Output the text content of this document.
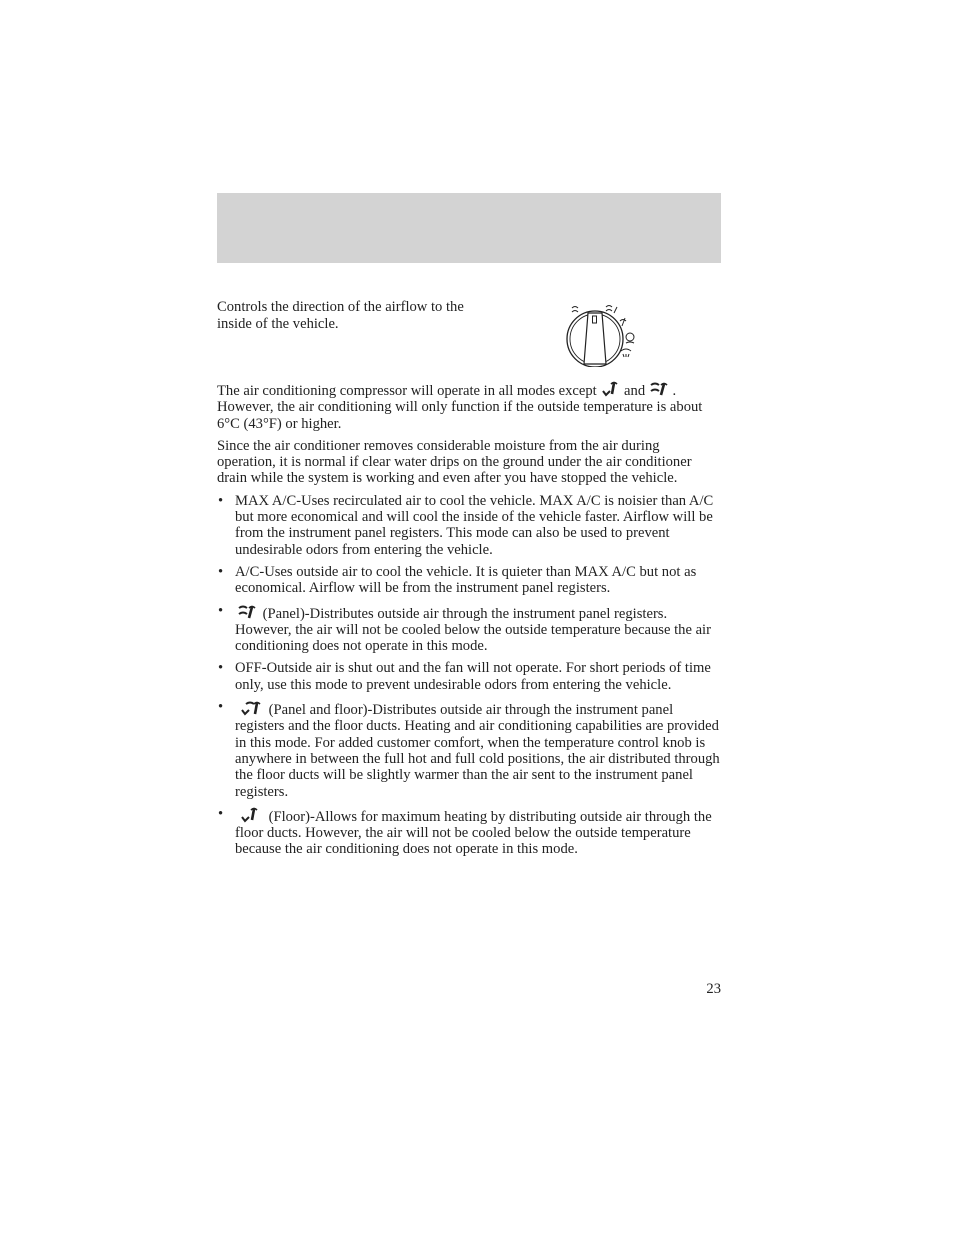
Controls the direction of the airflow to the inside of the vehicle.

The air conditioning compressor will operate in all modes except and . However, the air conditioning will only function if the outside temperature is about 6°C (43°F) or higher.

Since the air conditioner removes considerable moisture from the air during operation, it is normal if clear water drips on the ground under the air conditioner drain while the system is working and even after you have stopped the vehicle.

• MAX A/C-Uses recirculated air to cool the vehicle. MAX A/C is noisier than A/C but more economical and will cool the inside of the vehicle faster. Airflow will be from the instrument panel registers. This mode can also be used to prevent undesirable odors from entering the vehicle.
• A/C-Uses outside air to cool the vehicle. It is quieter than MAX A/C but not as economical. Airflow will be from the instrument panel registers.
•	(Panel)-Distributes outside air through the instrument panel registers. However, the air will not be cooled below the outside temperature because the air conditioning does not operate in this mode.
• OFF-Outside air is shut out and the fan will not operate. For short periods of time only, use this mode to prevent undesirable odors from entering the vehicle.
•	(Panel and floor)-Distributes outside air through the instrument panel registers and the floor ducts. Heating and air conditioning capabilities are provided in this mode. For added customer comfort, when the temperature control knob is anywhere in between the full hot and full cold positions, the air distributed through the floor ducts will be slightly warmer than the air sent to the instrument panel registers.
•	(Floor)-Allows for maximum heating by distributing outside air through the floor ducts. However, the air will not be cooled below the outside temperature because the air conditioning does not operate in this mode.
23
